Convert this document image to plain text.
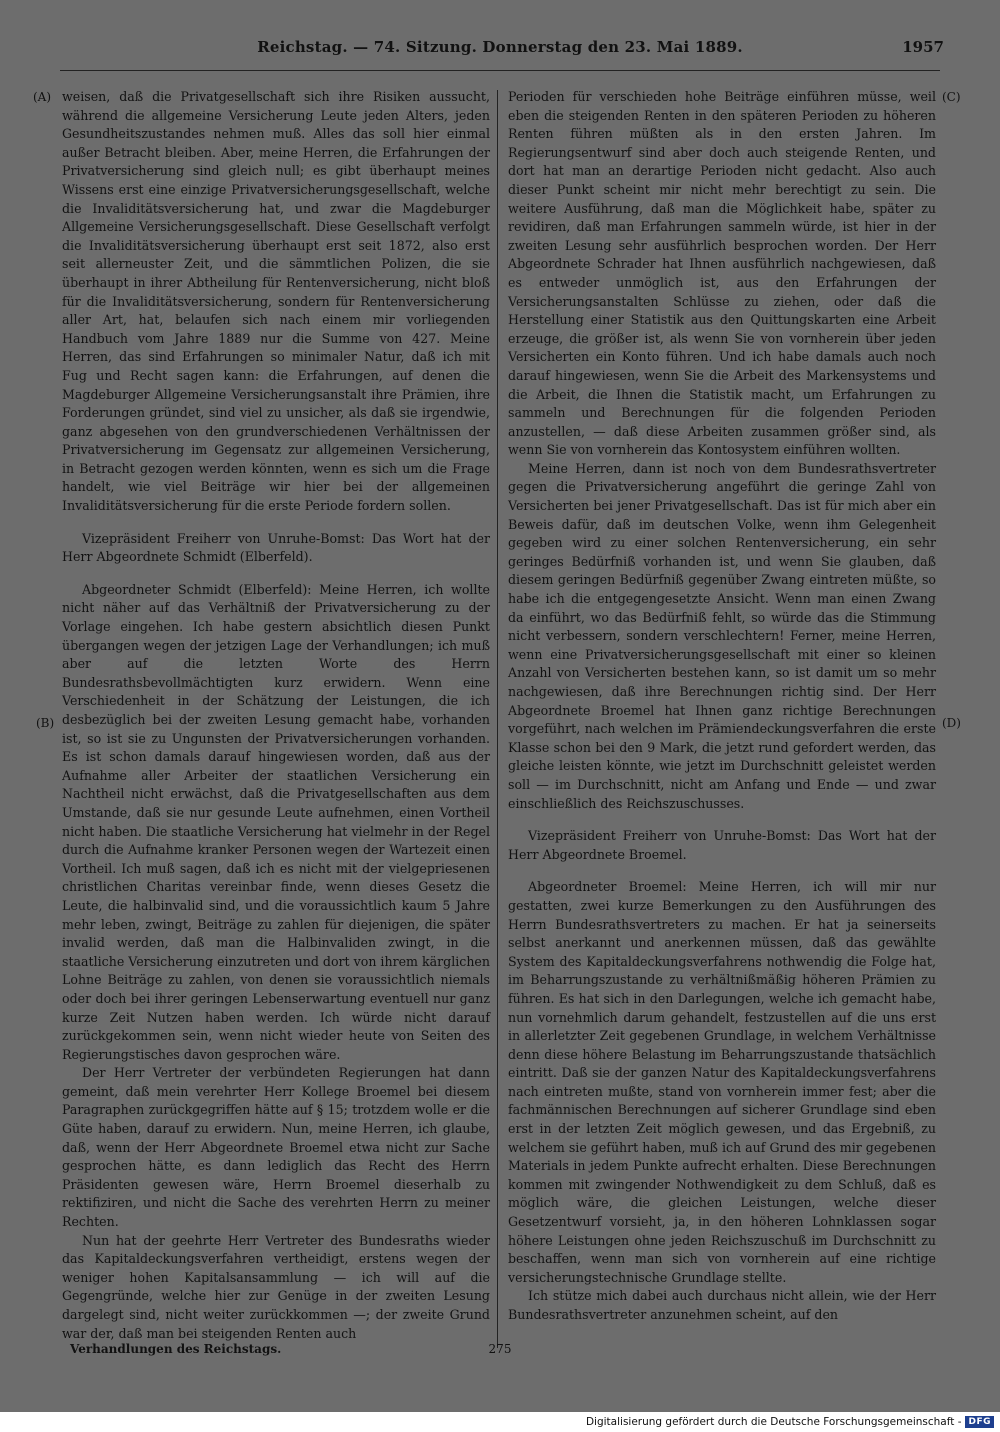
Reichstag. — 74. Sitzung. Donnerstag den 23. Mai 1889.	1957
(A)
(B)
(C)
(D)

weisen, daß die Privatgesellschaft sich ihre Risiken aussucht, während die allgemeine Versicherung Leute jeden Alters, jeden Gesundheitszustandes nehmen muß. Alles das soll hier einmal außer Betracht bleiben. Aber, meine Herren, die Erfahrungen der Privatversicherung sind gleich null; es gibt überhaupt meines Wissens erst eine einzige Privatversicherungsgesellschaft, welche die Invaliditätsversicherung hat, und zwar die Magdeburger Allgemeine Versicherungsgesellschaft. Diese Gesellschaft verfolgt die Invaliditätsversicherung überhaupt erst seit 1872, also erst seit allerneuster Zeit, und die sämmtlichen Polizen, die sie überhaupt in ihrer Abtheilung für Rentenversicherung, nicht bloß für die Invaliditätsversicherung, sondern für Rentenversicherung aller Art, hat, belaufen sich nach einem mir vorliegenden Handbuch vom Jahre 1889 nur die Summe von 427. Meine Herren, das sind Erfahrungen so minimaler Natur, daß ich mit Fug und Recht sagen kann: die Erfahrungen, auf denen die Magdeburger Allgemeine Versicherungsanstalt ihre Prämien, ihre Forderungen gründet, sind viel zu unsicher, als daß sie irgendwie, ganz abgesehen von den grundverschiedenen Verhältnissen der Privatversicherung im Gegensatz zur allgemeinen Versicherung, in Betracht gezogen werden könnten, wenn es sich um die Frage handelt, wie viel Beiträge wir hier bei der allgemeinen Invaliditätsversicherung für die erste Periode fordern sollen.

Vizepräsident Freiherr von Unruhe-Bomst: Das Wort hat der Herr Abgeordnete Schmidt (Elberfeld).

Abgeordneter Schmidt (Elberfeld): Meine Herren, ich wollte nicht näher auf das Verhältniß der Privatversicherung zu der Vorlage eingehen. Ich habe gestern absichtlich diesen Punkt übergangen wegen der jetzigen Lage der Verhandlungen; ich muß aber auf die letzten Worte des Herrn Bundesrathsbevollmächtigten kurz erwidern. Wenn eine Verschiedenheit in der Schätzung der Leistungen, die ich desbezüglich bei der zweiten Lesung gemacht habe, vorhanden ist, so ist sie zu Ungunsten der Privatversicherungen vorhanden. Es ist schon damals darauf hingewiesen worden, daß aus der Aufnahme aller Arbeiter der staatlichen Versicherung ein Nachtheil nicht erwächst, daß die Privatgesellschaften aus dem Umstande, daß sie nur gesunde Leute aufnehmen, einen Vortheil nicht haben. Die staatliche Versicherung hat vielmehr in der Regel durch die Aufnahme kranker Personen wegen der Wartezeit einen Vortheil. Ich muß sagen, daß ich es nicht mit der vielgepriesenen christlichen Charitas vereinbar finde, wenn dieses Gesetz die Leute, die halbinvalid sind, und die voraussichtlich kaum 5 Jahre mehr leben, zwingt, Beiträge zu zahlen für diejenigen, die später invalid werden, daß man die Halbinvaliden zwingt, in die staatliche Versicherung einzutreten und dort von ihrem kärglichen Lohne Beiträge zu zahlen, von denen sie voraussichtlich niemals oder doch bei ihrer geringen Lebenserwartung eventuell nur ganz kurze Zeit Nutzen haben werden. Ich würde nicht darauf zurückgekommen sein, wenn nicht wieder heute von Seiten des Regierungstisches davon gesprochen wäre.

Der Herr Vertreter der verbündeten Regierungen hat dann gemeint, daß mein verehrter Herr Kollege Broemel bei diesem Paragraphen zurückgegriffen hätte auf § 15; trotzdem wolle er die Güte haben, darauf zu erwidern. Nun, meine Herren, ich glaube, daß, wenn der Herr Abgeordnete Broemel etwa nicht zur Sache gesprochen hätte, es dann lediglich das Recht des Herrn Präsidenten gewesen wäre, Herrn Broemel dieserhalb zu rektifiziren, und nicht die Sache des verehrten Herrn zu meiner Rechten.

Nun hat der geehrte Herr Vertreter des Bundesraths wieder das Kapitaldeckungsverfahren vertheidigt, erstens wegen der weniger hohen Kapitalsansammlung — ich will auf die Gegengründe, welche hier zur Genüge in der zweiten Lesung dargelegt sind, nicht weiter zurückkommen —; der zweite Grund war der, daß man bei steigenden Renten auch

Perioden für verschieden hohe Beiträge einführen müsse, weil eben die steigenden Renten in den späteren Perioden zu höheren Renten führen müßten als in den ersten Jahren. Im Regierungsentwurf sind aber doch auch steigende Renten, und dort hat man an derartige Perioden nicht gedacht. Also auch dieser Punkt scheint mir nicht mehr berechtigt zu sein. Die weitere Ausführung, daß man die Möglichkeit habe, später zu revidiren, daß man Erfahrungen sammeln würde, ist hier in der zweiten Lesung sehr ausführlich besprochen worden. Der Herr Abgeordnete Schrader hat Ihnen ausführlich nachgewiesen, daß es entweder unmöglich ist, aus den Erfahrungen der Versicherungsanstalten Schlüsse zu ziehen, oder daß die Herstellung einer Statistik aus den Quittungskarten eine Arbeit erzeuge, die größer ist, als wenn Sie von vornherein über jeden Versicherten ein Konto führen. Und ich habe damals auch noch darauf hingewiesen, wenn Sie die Arbeit des Markensystems und die Arbeit, die Ihnen die Statistik macht, um Erfahrungen zu sammeln und Berechnungen für die folgenden Perioden anzustellen, — daß diese Arbeiten zusammen größer sind, als wenn Sie von vornherein das Kontosystem einführen wollten.

Meine Herren, dann ist noch von dem Bundesrathsvertreter gegen die Privatversicherung angeführt die geringe Zahl von Versicherten bei jener Privatgesellschaft. Das ist für mich aber ein Beweis dafür, daß im deutschen Volke, wenn ihm Gelegenheit gegeben wird zu einer solchen Rentenversicherung, ein sehr geringes Bedürfniß vorhanden ist, und wenn Sie glauben, daß diesem geringen Bedürfniß gegenüber Zwang eintreten müßte, so habe ich die entgegengesetzte Ansicht. Wenn man einen Zwang da einführt, wo das Bedürfniß fehlt, so würde das die Stimmung nicht verbessern, sondern verschlechtern! Ferner, meine Herren, wenn eine Privatversicherungsgesellschaft mit einer so kleinen Anzahl von Versicherten bestehen kann, so ist damit um so mehr nachgewiesen, daß ihre Berechnungen richtig sind. Der Herr Abgeordnete Broemel hat Ihnen ganz richtige Berechnungen vorgeführt, nach welchen im Prämiendeckungsverfahren die erste Klasse schon bei den 9 Mark, die jetzt rund gefordert werden, das gleiche leisten könnte, wie jetzt im Durchschnitt geleistet werden soll — im Durchschnitt, nicht am Anfang und Ende — und zwar einschließlich des Reichszuschusses.

Vizepräsident Freiherr von Unruhe-Bomst: Das Wort hat der Herr Abgeordnete Broemel.

Abgeordneter Broemel: Meine Herren, ich will mir nur gestatten, zwei kurze Bemerkungen zu den Ausführungen des Herrn Bundesrathsvertreters zu machen. Er hat ja seinerseits selbst anerkannt und anerkennen müssen, daß das gewählte System des Kapitaldeckungsverfahrens nothwendig die Folge hat, im Beharrungszustande zu verhältnißmäßig höheren Prämien zu führen. Es hat sich in den Darlegungen, welche ich gemacht habe, nun vornehmlich darum gehandelt, festzustellen auf die uns erst in allerletzter Zeit gegebenen Grundlage, in welchem Verhältnisse denn diese höhere Belastung im Beharrungszustande thatsächlich eintritt. Daß sie der ganzen Natur des Kapitaldeckungsverfahrens nach eintreten mußte, stand von vornherein immer fest; aber die fachmännischen Berechnungen auf sicherer Grundlage sind eben erst in der letzten Zeit möglich gewesen, und das Ergebniß, zu welchem sie geführt haben, muß ich auf Grund des mir gegebenen Materials in jedem Punkte aufrecht erhalten. Diese Berechnungen kommen mit zwingender Nothwendigkeit zu dem Schluß, daß es möglich wäre, die gleichen Leistungen, welche dieser Gesetzentwurf vorsieht, ja, in den höheren Lohnklassen sogar höhere Leistungen ohne jeden Reichszuschuß im Durchschnitt zu beschaffen, wenn man sich von vornherein auf eine richtige versicherungstechnische Grundlage stellte.

Ich stütze mich dabei auch durchaus nicht allein, wie der Herr Bundesrathsvertreter anzunehmen scheint, auf den

Verhandlungen des Reichstags.	275
Digitalisierung gefördert durch die Deutsche Forschungsgemeinschaft - DFG
